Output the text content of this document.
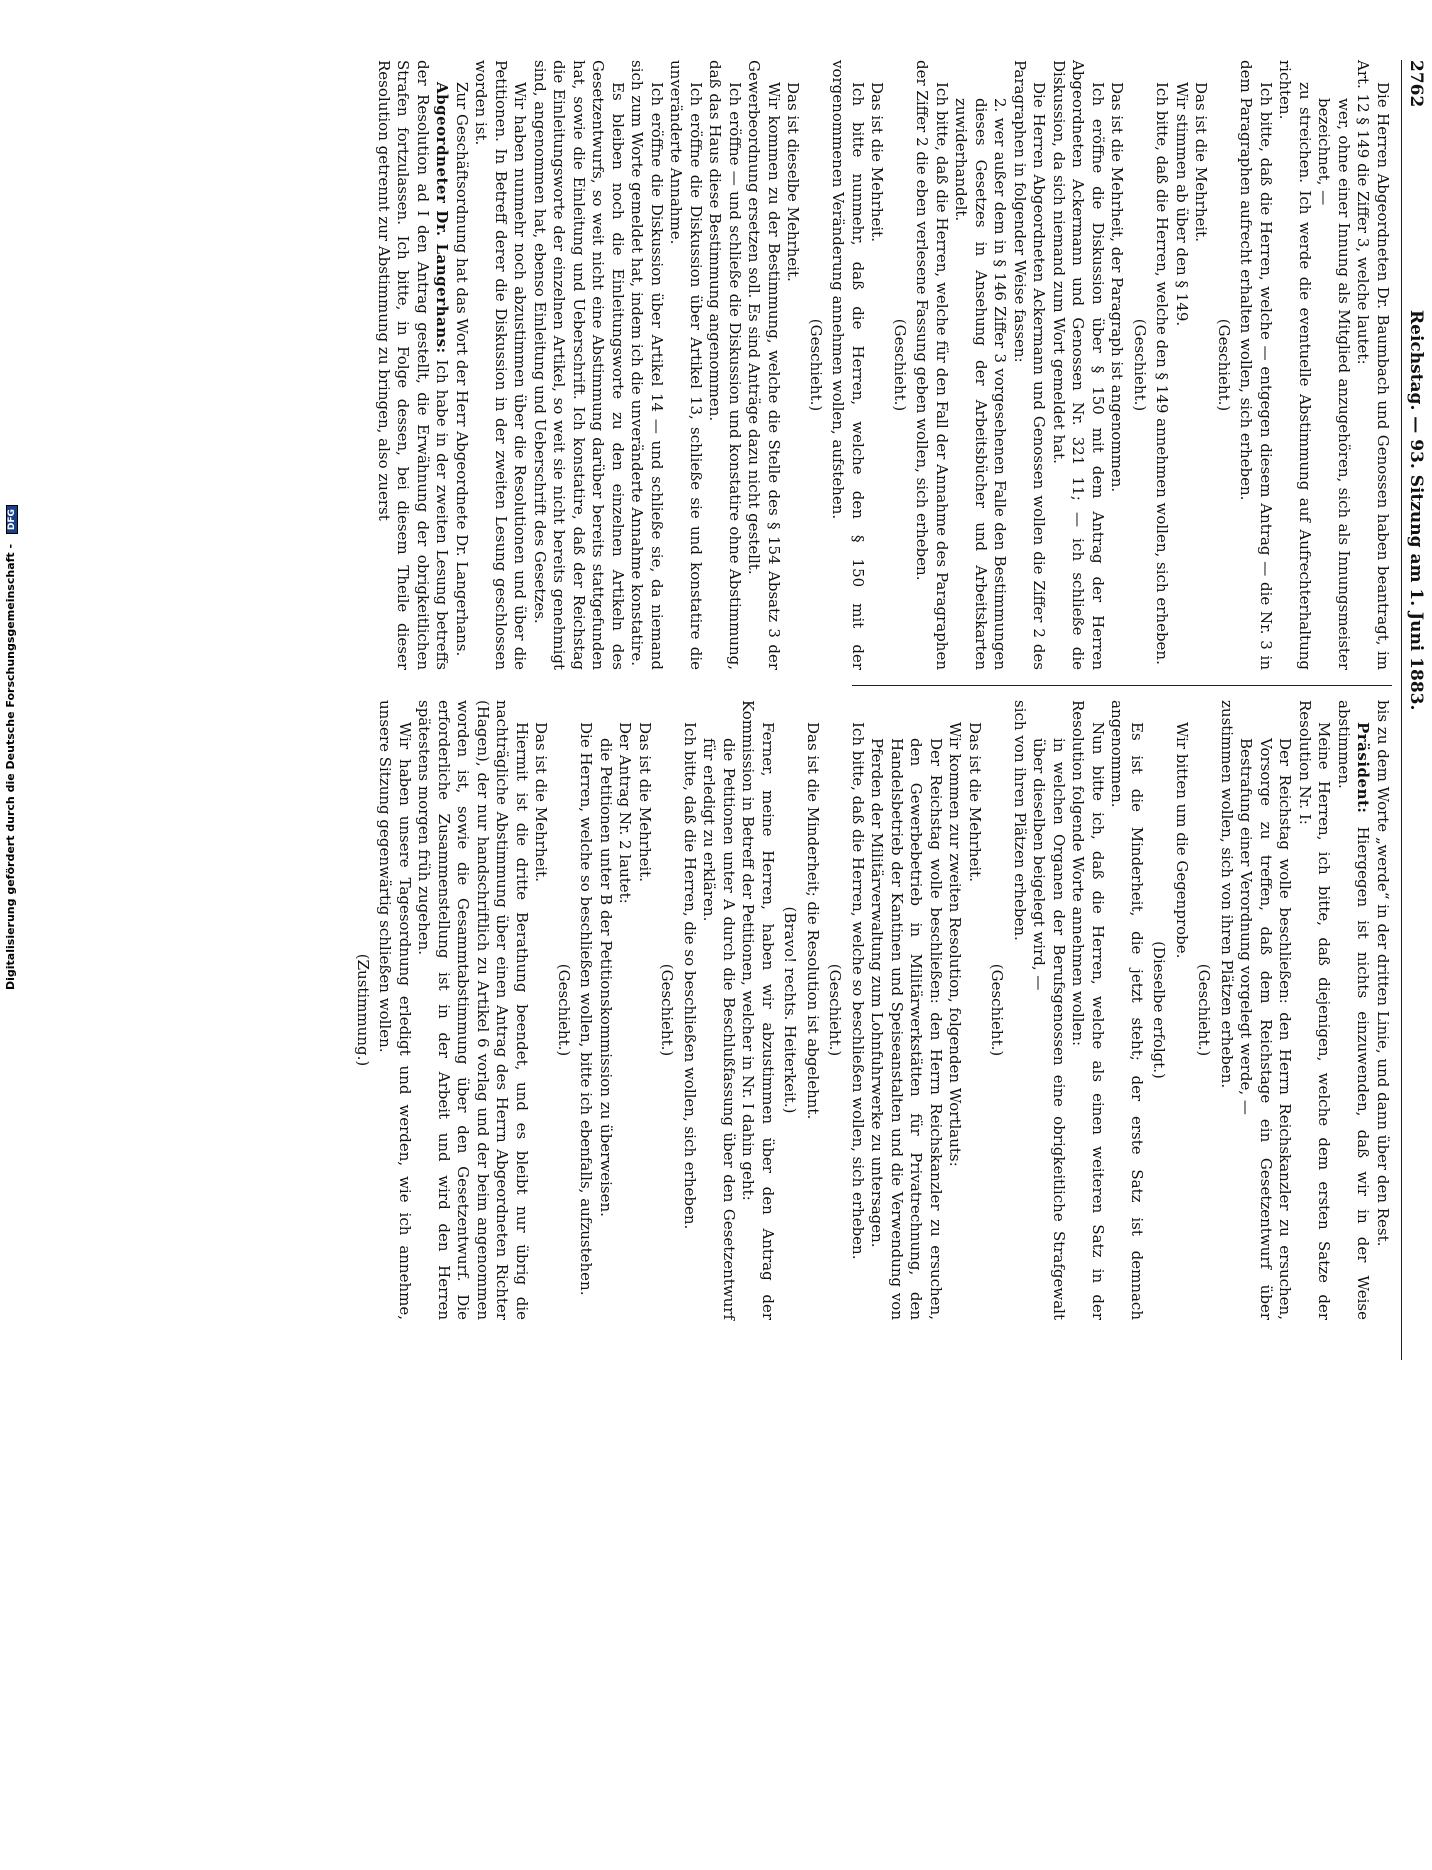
Digitalisierung gefördert durch die Deutsche Forschungsgemeinschaft - DFG
2762
Reichstag. — 93. Sitzung am 1. Juni 1883.
Die Herren Abgeordneten Dr. Baumbach und Genossen haben beantragt, im Art. 12 § 149 die Ziffer 3, welche lautet:
wer, ohne einer Innung als Mitglied anzugehören, sich als Innungsmeister bezeichnet, —
zu streichen. Ich werde die eventuelle Abstimmung auf Aufrechterhaltung richten.
Ich bitte, daß die Herren, welche — entgegen diesem Antrag — die Nr. 3 in dem Paragraphen aufrecht erhalten wollen, sich erheben.
(Geschieht.)
Das ist die Mehrheit.
Wir stimmen ab über den § 149.
Ich bitte, daß die Herren, welche den § 149 annehmen wollen, sich erheben.
(Geschieht.)
Das ist die Mehrheit, der Paragraph ist angenommen.
Ich eröffne die Diskussion über § 150 mit dem Antrag der Herren Abgeordneten Ackermann und Genossen Nr. 321 11; — ich schließe die Diskussion, da sich niemand zum Wort gemeldet hat.
Die Herren Abgeordneten Ackermann und Genossen wollen die Ziffer 2 des Paragraphen in folgender Weise fassen:
2. wer außer dem in § 146 Ziffer 3 vorgesehenen Falle den Bestimmungen dieses Gesetzes in Ansehung der Arbeitsbücher und Arbeitskarten zuwiderhandelt.
Ich bitte, daß die Herren, welche für den Fall der Annahme des Paragraphen der Ziffer 2 die eben verlesene Fassung geben wollen, sich erheben.
(Geschieht.)
Das ist die Mehrheit.
Ich bitte nunmehr, daß die Herren, welche den § 150 mit der vorgenommenen Veränderung annehmen wollen, aufstehen.
(Geschieht.)
Das ist dieselbe Mehrheit.
Wir kommen zu der Bestimmung, welche die Stelle des § 154 Absatz 3 der Gewerbeordnung ersetzen soll. Es sind Anträge dazu nicht gestellt.
Ich eröffne — und schließe die Diskussion und konstatire ohne Abstimmung, daß das Haus diese Bestimmung angenommen.
Ich eröffne die Diskussion über Artikel 13, schließe sie und konstatire die unveränderte Annahme.
Ich eröffne die Diskussion über Artikel 14 — und schließe sie, da niemand sich zum Worte gemeldet hat, indem ich die unveränderte Annahme konstatire.
Es bleiben noch die Einleitungsworte zu den einzelnen Artikeln des Gesetzentwurfs, so weit nicht eine Abstimmung darüber bereits stattgefunden hat, sowie die Einleitung und Ueberschrift. Ich konstatire, daß der Reichstag die Einleitungsworte der einzelnen Artikel, so weit sie nicht bereits genehmigt sind, angenommen hat, ebenso Einleitung und Ueberschrift des Gesetzes.
Wir haben nunmehr noch abzustimmen über die Resolutionen und über die Petitionen. In Betreff derer die Diskussion in der zweiten Lesung geschlossen worden ist.
Zur Geschäftsordnung hat das Wort der Herr Abgeordnete Dr. Langerhans.
Abgeordneter Dr. Langerhans: Ich habe in der zweiten Lesung betreffs der Resolution ad I den Antrag gestellt, die Erwähnung der obrigkeitlichen Strafen fortzulassen. Ich bitte, in Folge dessen, bei diesem Theile dieser Resolution getrennt zur Abstimmung zu bringen, also zuerst
bis zu dem Worte „werde“ in der dritten Linie, und dann über den Rest.
Präsident: Hiergegen ist nichts einzuwenden, daß wir in der Weise abstimmen.
Meine Herren, ich bitte, daß diejenigen, welche dem ersten Satze der Resolution Nr. I:
Der Reichstag wolle beschließen: den Herrn Reichskanzler zu ersuchen, Vorsorge zu treffen, daß dem Reichstage ein Gesetzentwurf über Bestrafung einer Verordnung vorgelegt werde, —
zustimmen wollen, sich von ihren Plätzen erheben.
(Geschieht.)
Wir bitten um die Gegenprobe.
(Dieselbe erfolgt.)
Es ist die Minderheit, die jetzt steht; der erste Satz ist demnach angenommen.
Nun bitte ich, daß die Herren, welche als einen weiteren Satz in der Resolution folgende Worte annehmen wollen:
in welchen Organen der Berufsgenossen eine obrigkeitliche Strafgewalt über dieselben beigelegt wird, —
sich von ihren Plätzen erheben.
(Geschieht.)
Das ist die Mehrheit.
Wir kommen zur zweiten Resolution, folgenden Wortlauts:
Der Reichstag wolle beschließen: den Herrn Reichskanzler zu ersuchen, den Gewerbebetrieb in Militärwerkstätten für Privatrechnung, den Handelsbetrieb der Kantinen und Speiseanstalten und die Verwendung von Pferden der Militärverwaltung zum Lohnfuhrwerke zu untersagen.
Ich bitte, daß die Herren, welche so beschließen wollen, sich erheben.
(Geschieht.)
Das ist die Minderheit; die Resolution ist abgelehnt.
(Bravo! rechts. Heiterkeit.)
Ferner, meine Herren, haben wir abzustimmen über den Antrag der Kommission in Betreff der Petitionen, welcher in Nr. I dahin geht:
die Petitionen unter A durch die Beschlußfassung über den Gesetzentwurf für erledigt zu erklären.
Ich bitte, daß die Herren, die so beschließen wollen, sich erheben.
(Geschieht.)
Das ist die Mehrheit.
Der Antrag Nr. 2 lautet:
die Petitionen unter B der Petitionskommission zu überweisen.
Die Herren, welche so beschließen wollen, bitte ich ebenfalls, aufzustehen.
(Geschieht.)
Das ist die Mehrheit.
Hiermit ist die dritte Berathung beendet, und es bleibt nur übrig die nachträgliche Abstimmung über einen Antrag des Herrn Abgeordneten Richter (Hagen), der nur handschriftlich zu Artikel 6 vorlag und der beim angenommen worden ist, sowie die Gesammtabstimmung über den Gesetzentwurf. Die erforderliche Zusammenstellung ist in der Arbeit und wird den Herren spätestens morgen früh zugehen.
Wir haben unsere Tagesordnung erledigt und werden, wie ich annehme, unsere Sitzung gegenwärtig schließen wollen.
(Zustimmung.)
